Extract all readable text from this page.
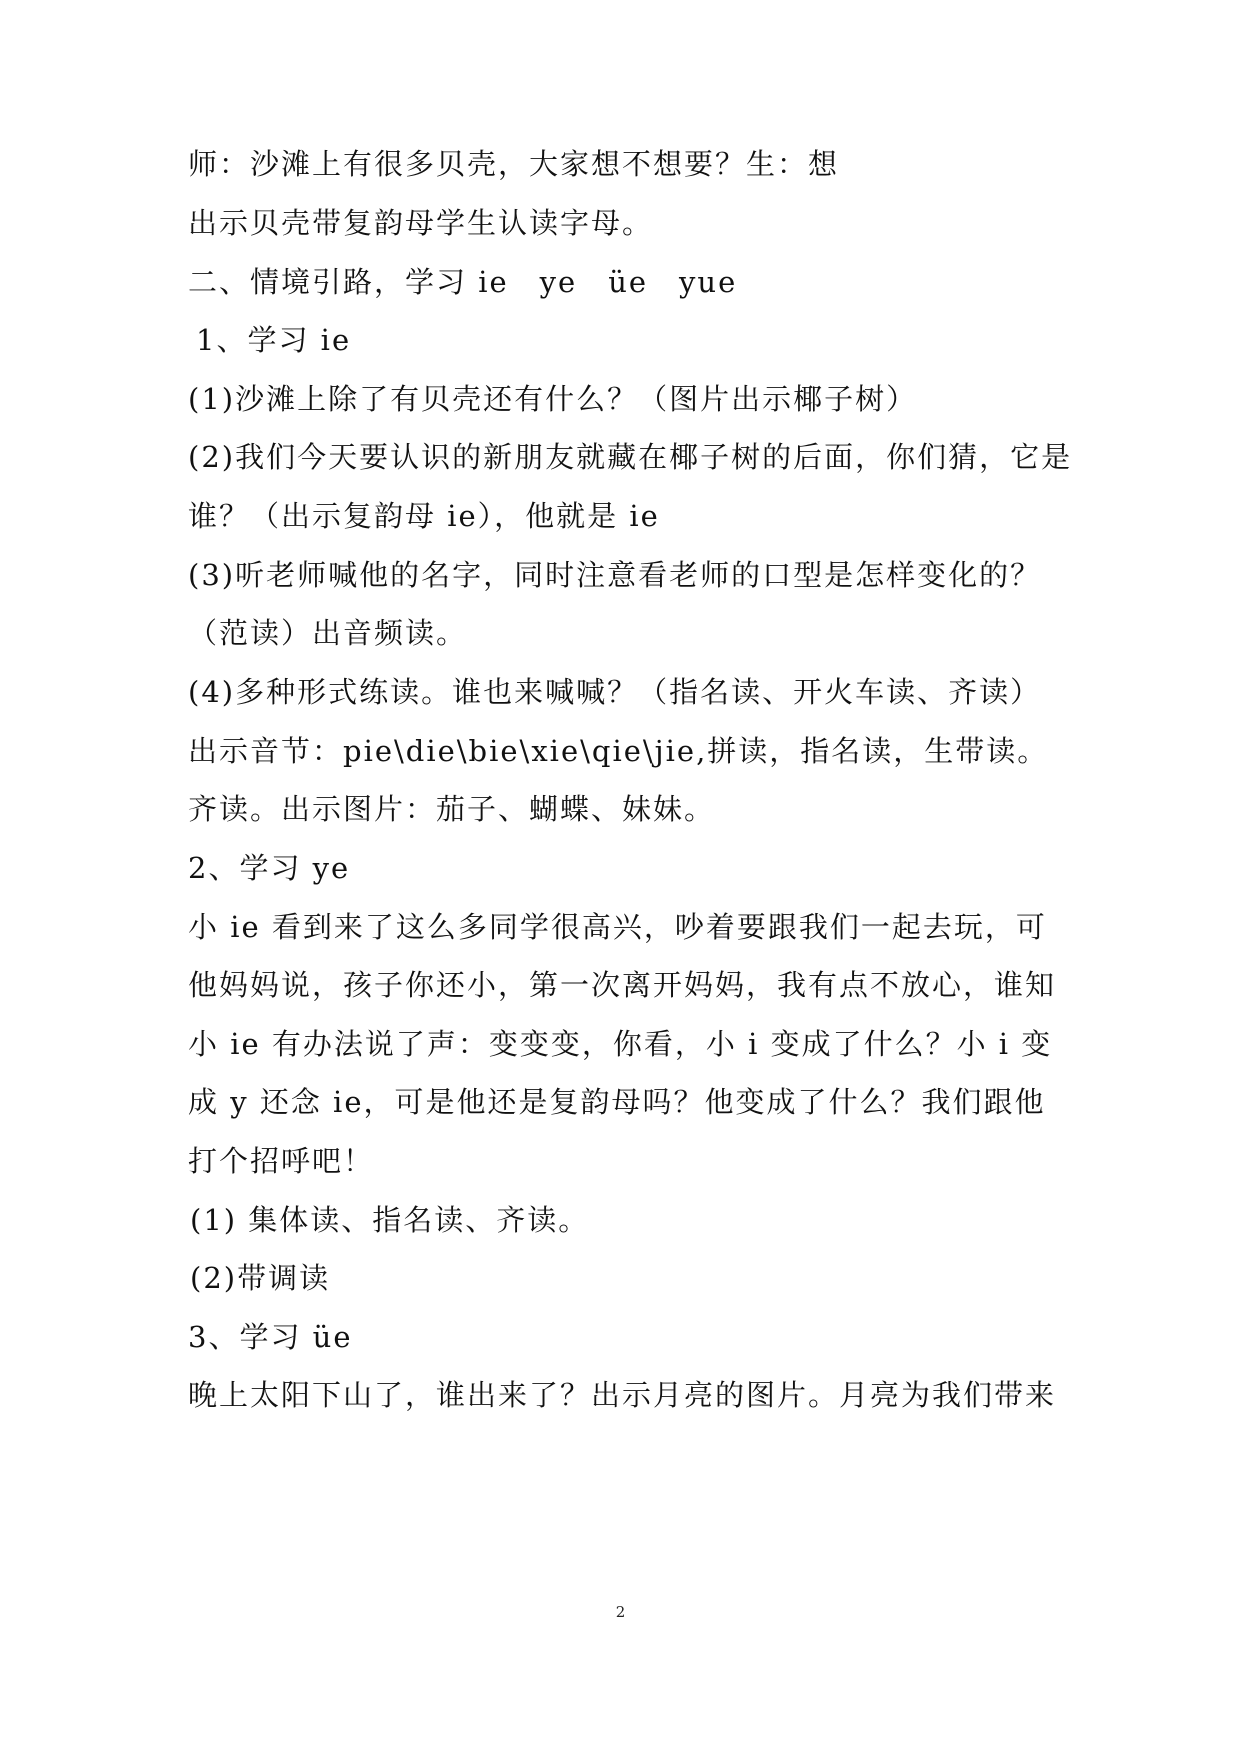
师：沙滩上有很多贝壳，大家想不想要？生：想
出示贝壳带复韵母学生认读字母。
二、情境引路，学习 ie　ye　üe　yue
1、学习 ie
(1)沙滩上除了有贝壳还有什么？（图片出示椰子树）
(2)我们今天要认识的新朋友就藏在椰子树的后面，你们猜，它是
谁？（出示复韵母 ie），他就是 ie
(3)听老师喊他的名字，同时注意看老师的口型是怎样变化的？
（范读）出音频读。
(4)多种形式练读。谁也来喊喊？（指名读、开火车读、齐读）
出示音节：pie\die\bie\xie\qie\jie,拼读，指名读，生带读。
齐读。出示图片：茄子、蝴蝶、妹妹。
2、学习 ye
小 ie 看到来了这么多同学很高兴，吵着要跟我们一起去玩，可
他妈妈说，孩子你还小，第一次离开妈妈，我有点不放心，谁知
小 ie 有办法说了声：变变变，你看，小 i 变成了什么？小 i 变
成 y 还念 ie，可是他还是复韵母吗？他变成了什么？我们跟他
打个招呼吧！
(1) 集体读、指名读、齐读。
(2)带调读
3、学习 üe
晚上太阳下山了，谁出来了？出示月亮的图片。月亮为我们带来
2
